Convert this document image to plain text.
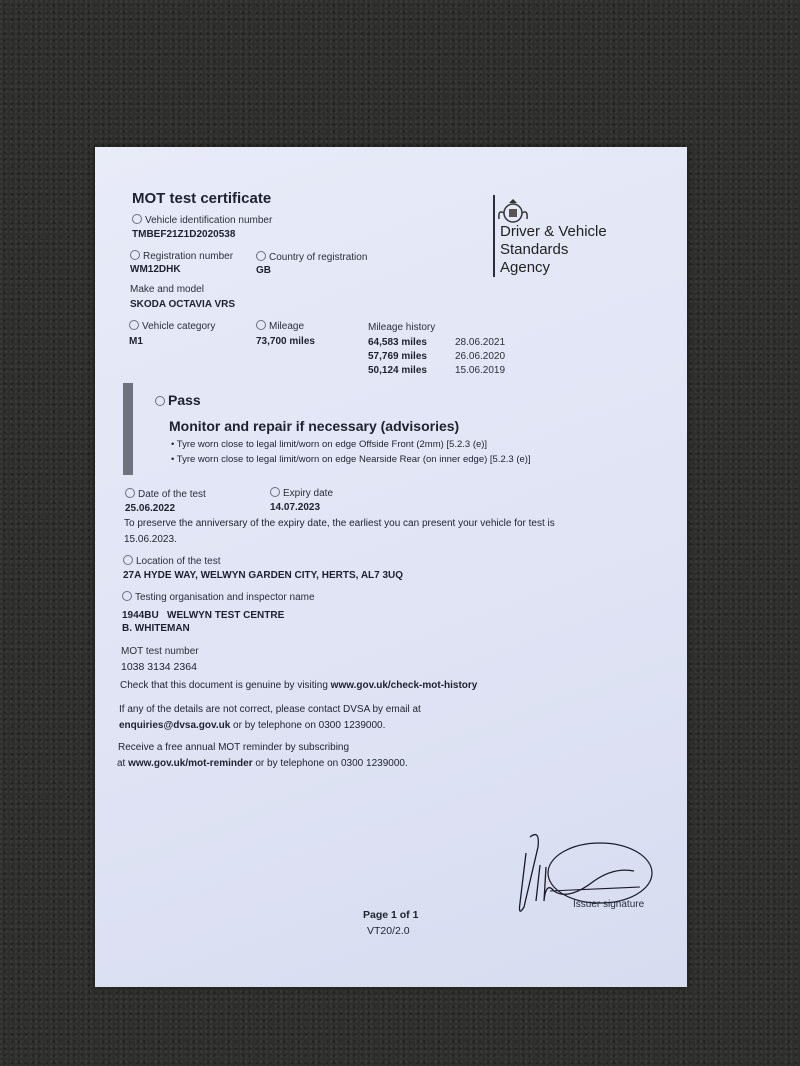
MOT test certificate
Driver & Vehicle
Standards
Agency
Vehicle identification number
TMBEF21Z1D2020538
Registration number
WM12DHK
Country of registration
GB
Make and model
SKODA OCTAVIA VRS
Vehicle category
M1
Mileage
73,700 miles
Mileage history
64,583 miles	28.06.2021
57,769 miles	26.06.2020
50,124 miles	15.06.2019
Pass
Monitor and repair if necessary (advisories)
• Tyre worn close to legal limit/worn on edge Offside Front (2mm) [5.2.3 (e)]
• Tyre worn close to legal limit/worn on edge Nearside Rear (on inner edge) [5.2.3 (e)]
Date of the test
25.06.2022
Expiry date
14.07.2023
To preserve the anniversary of the expiry date, the earliest you can present your vehicle for test is
15.06.2023.
Location of the test
27A HYDE WAY, WELWYN GARDEN CITY, HERTS, AL7 3UQ
Testing organisation and inspector name
1944BU   WELWYN TEST CENTRE
B. WHITEMAN
MOT test number
1038 3134 2364
Check that this document is genuine by visiting www.gov.uk/check-mot-history
If any of the details are not correct, please contact DVSA by email at
enquiries@dvsa.gov.uk or by telephone on 0300 1239000.
Receive a free annual MOT reminder by subscribing
at www.gov.uk/mot-reminder or by telephone on 0300 1239000.
Issuer signature
Page 1 of 1
VT20/2.0
